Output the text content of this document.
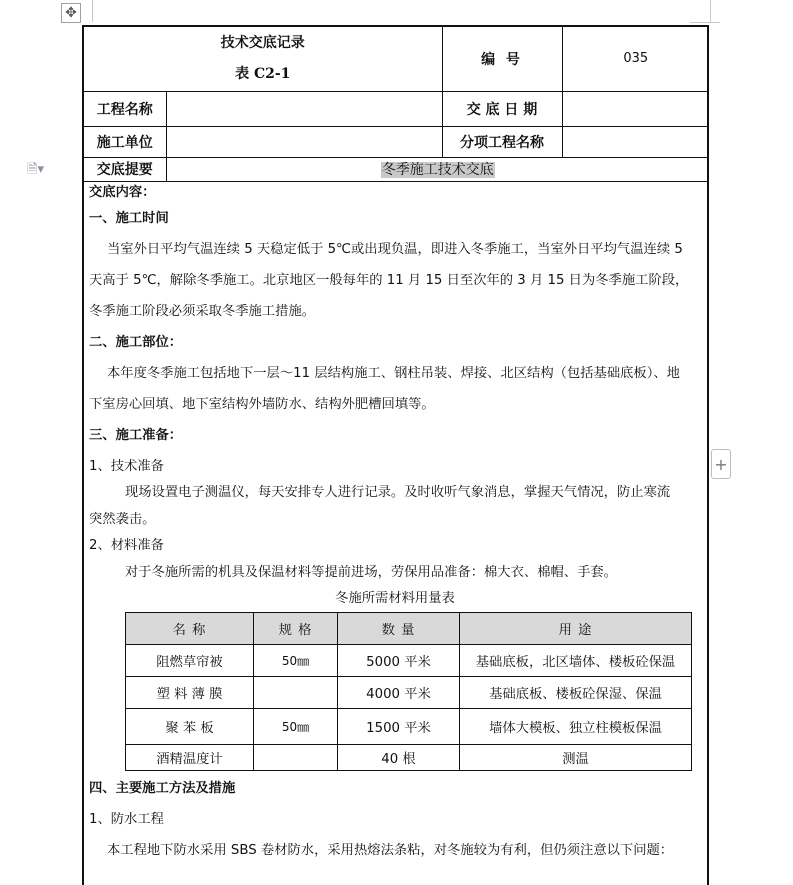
✥
🗎▾
+
技术交底记录
表 C2-1		编 号	035
工程名称		交 底 日 期	
施工单位		分项工程名称	
交底提要	冬季施工技术交底		
交底内容：
一、施工时间
当室外日平均气温连续 5 天稳定低于 5℃或出现负温，即进入冬季施工，当室外日平均气温连续 5
天高于 5℃，解除冬季施工。北京地区一般每年的 11 月 15 日至次年的 3 月 15 日为冬季施工阶段，
冬季施工阶段必须采取冬季施工措施。
二、施工部位：
本年度冬季施工包括地下一层～11 层结构施工、钢柱吊装、焊接、北区结构（包括基础底板）、地
下室房心回填、地下室结构外墙防水、结构外肥槽回填等。
三、施工准备：
1、技术准备
现场设置电子测温仪，每天安排专人进行记录。及时收听气象消息，掌握天气情况，防止寒流
突然袭击。
2、材料准备
对于冬施所需的机具及保温材料等提前进场，劳保用品准备：棉大衣、棉帽、手套。
冬施所需材料用量表
名 称	规 格	数 量	用 途
阻燃草帘被	50㎜	5000 平米	基础底板，北区墙体、楼板砼保温
塑 料 薄 膜		4000 平米	基础底板、楼板砼保湿、保温
聚 苯 板	50㎜	1500 平米	墙体大模板、独立柱模板保温
酒精温度计		40 根	测温
四、主要施工方法及措施
1、防水工程
本工程地下防水采用 SBS 卷材防水，采用热熔法条粘，对冬施较为有利，但仍须注意以下问题：
